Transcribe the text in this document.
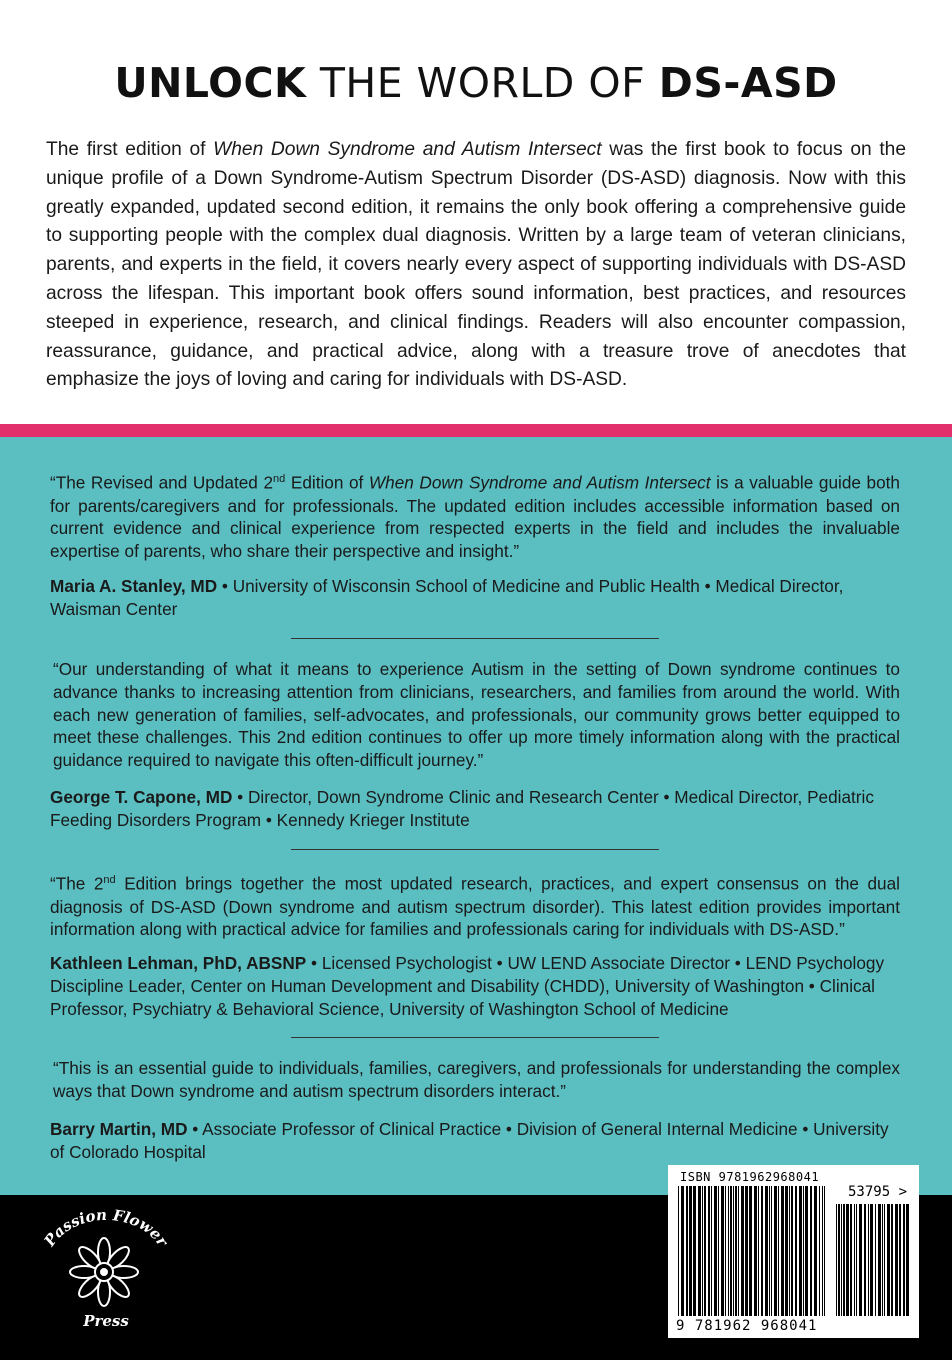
UNLOCK THE WORLD OF DS-ASD

The first edition of When Down Syndrome and Autism Intersect was the first book to focus on the unique profile of a Down Syndrome-Autism Spectrum Disorder (DS-ASD) diagnosis. Now with this greatly expanded, updated second edition, it remains the only book offering a comprehensive guide to supporting people with the complex dual diagnosis. Written by a large team of veteran clinicians, parents, and experts in the field, it covers nearly every aspect of supporting individuals with DS-ASD across the lifespan. This important book offers sound information, best practices, and resources steeped in experience, research, and clinical findings. Readers will also encounter compassion, reassurance, guidance, and practical advice, along with a treasure trove of anecdotes that emphasize the joys of loving and caring for individuals with DS-ASD.

“The Revised and Updated 2nd Edition of When Down Syndrome and Autism Intersect is a valuable guide both for parents/caregivers and for professionals. The updated edition includes accessible information based on current evidence and clinical experience from respected experts in the field and includes the invaluable expertise of parents, who share their perspective and insight.”

Maria A. Stanley, MD • University of Wisconsin School of Medicine and Public Health • Medical Director, Waisman Center

“Our understanding of what it means to experience Autism in the setting of Down syndrome continues to advance thanks to increasing attention from clinicians, researchers, and families from around the world. With each new generation of families, self-advocates, and professionals, our community grows better equipped to meet these challenges. This 2nd edition continues to offer up more timely information along with the practical guidance required to navigate this often-difficult journey.”

George T. Capone, MD • Director, Down Syndrome Clinic and Research Center • Medical Director, Pediatric Feeding Disorders Program • Kennedy Krieger Institute

“The 2nd Edition brings together the most updated research, practices, and expert consensus on the dual diagnosis of DS-ASD (Down syndrome and autism spectrum disorder). This latest edition provides important information along with practical advice for families and professionals caring for individuals with DS-ASD.”

Kathleen Lehman, PhD, ABSNP • Licensed Psychologist • UW LEND Associate Director • LEND Psychology Discipline Leader, Center on Human Development and Disability (CHDD), University of Washington • Clinical Professor, Psychiatry & Behavioral Science, University of Washington School of Medicine

“This is an essential guide to individuals, families, caregivers, and professionals for understanding the complex ways that Down syndrome and autism spectrum disorders interact.”

Barry Martin, MD • Associate Professor of Clinical Practice • Division of General Internal Medicine • University of Colorado Hospital

Passion Flower
Press
ISBN 9781962968041
53795 >
9 781962 968041
